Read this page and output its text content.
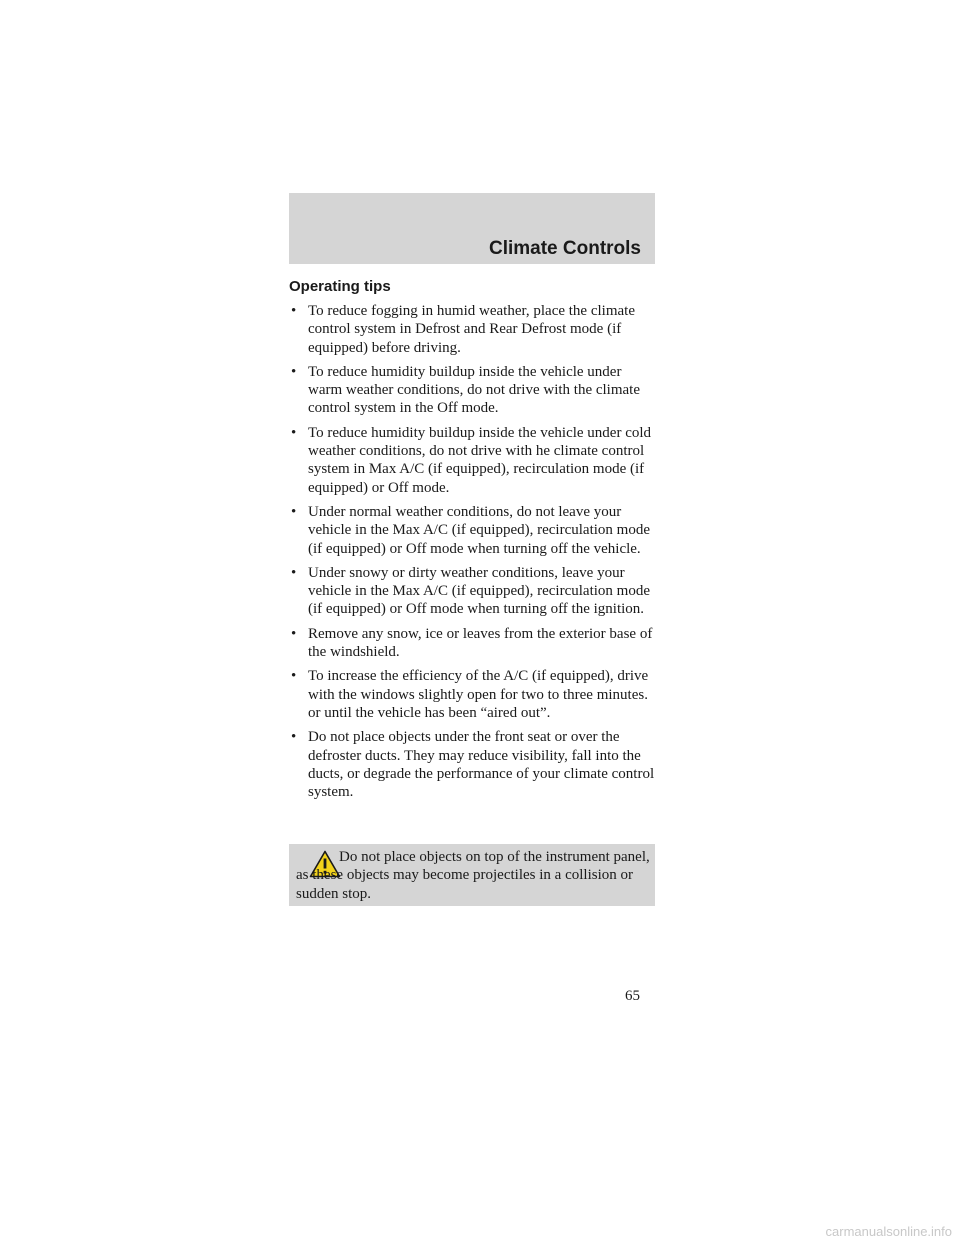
Climate Controls
Operating tips
• To reduce fogging in humid weather, place the climate control system in Defrost and Rear Defrost mode (if equipped) before driving.
• To reduce humidity buildup inside the vehicle under warm weather conditions, do not drive with the climate control system in the Off mode.
• To reduce humidity buildup inside the vehicle under cold weather conditions, do not drive with he climate control system in Max A/C (if equipped), recirculation mode (if equipped) or Off mode.
• Under normal weather conditions, do not leave your vehicle in the Max A/C (if equipped), recirculation mode (if equipped) or Off mode when turning off the vehicle.
• Under snowy or dirty weather conditions, leave your vehicle in the Max A/C (if equipped), recirculation mode (if equipped) or Off mode when turning off the ignition.
• Remove any snow, ice or leaves from the exterior base of the windshield.
• To increase the efficiency of the A/C (if equipped), drive with the windows slightly open for two to three minutes. or until the vehicle has been “aired out”.
• Do not place objects under the front seat or over the defroster ducts. They may reduce visibility, fall into the ducts, or degrade the performance of your climate control system.
Do not place objects on top of the instrument panel, as these objects may become projectiles in a collision or sudden stop.
65
carmanualsonline.info
